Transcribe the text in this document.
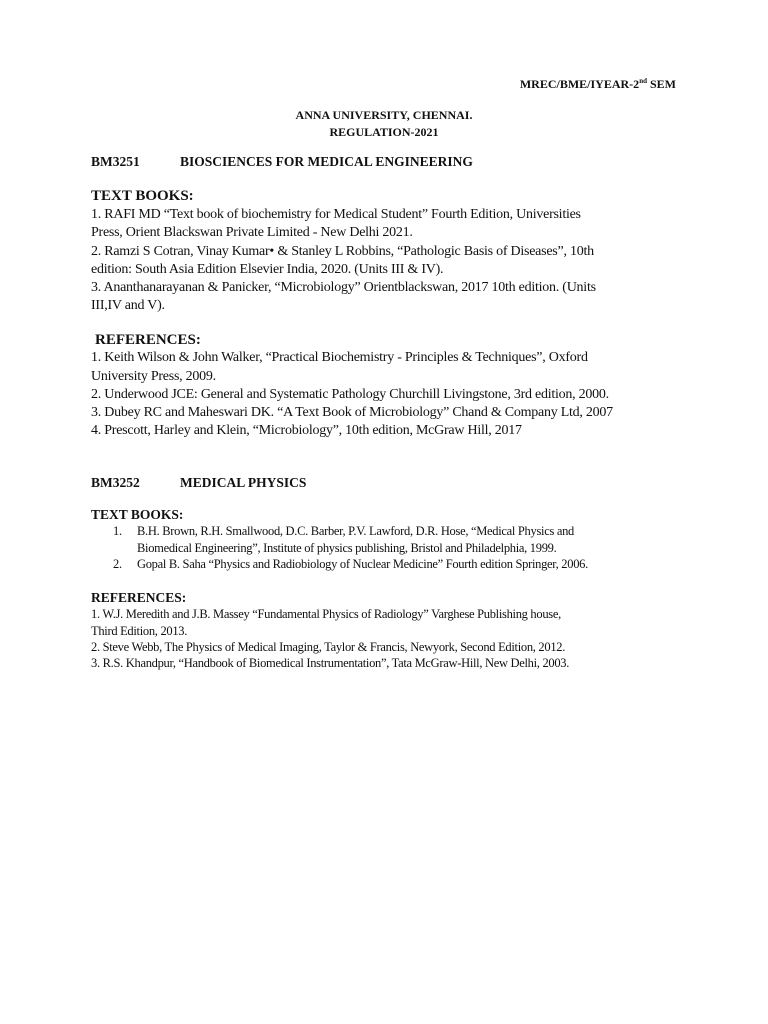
MREC/BME/IYEAR-2nd SEM
ANNA UNIVERSITY, CHENNAI.
REGULATION-2021
BM3251	BIOSCIENCES FOR MEDICAL ENGINEERING
TEXT BOOKS:
1. RAFI MD “Text book of biochemistry for Medical Student” Fourth Edition, Universities
Press, Orient Blackswan Private Limited - New Delhi 2021.
2. Ramzi S Cotran, Vinay Kumar• & Stanley L Robbins, “Pathologic Basis of Diseases”, 10th
edition: South Asia Edition Elsevier India, 2020. (Units III & IV).
3. Ananthanarayanan & Panicker, “Microbiology” Orientblackswan, 2017 10th edition. (Units
III,IV and V).
REFERENCES:
1. Keith Wilson & John Walker, “Practical Biochemistry - Principles & Techniques”, Oxford
University Press, 2009.
2. Underwood JCE: General and Systematic Pathology Churchill Livingstone, 3rd edition, 2000.
3. Dubey RC and Maheswari DK. “A Text Book of Microbiology” Chand & Company Ltd, 2007
4. Prescott, Harley and Klein, “Microbiology”, 10th edition, McGraw Hill, 2017
BM3252	MEDICAL PHYSICS
TEXT BOOKS:
1. B.H. Brown, R.H. Smallwood, D.C. Barber, P.V. Lawford, D.R. Hose, “Medical Physics and
Biomedical Engineering”, Institute of physics publishing, Bristol and Philadelphia, 1999.
2. Gopal B. Saha “Physics and Radiobiology of Nuclear Medicine” Fourth edition Springer, 2006.
REFERENCES:
1. W.J. Meredith and J.B. Massey “Fundamental Physics of Radiology” Varghese Publishing house,
Third Edition, 2013.
2. Steve Webb, The Physics of Medical Imaging, Taylor & Francis, Newyork, Second Edition, 2012.
3. R.S. Khandpur, “Handbook of Biomedical Instrumentation”, Tata McGraw-Hill, New Delhi, 2003.
